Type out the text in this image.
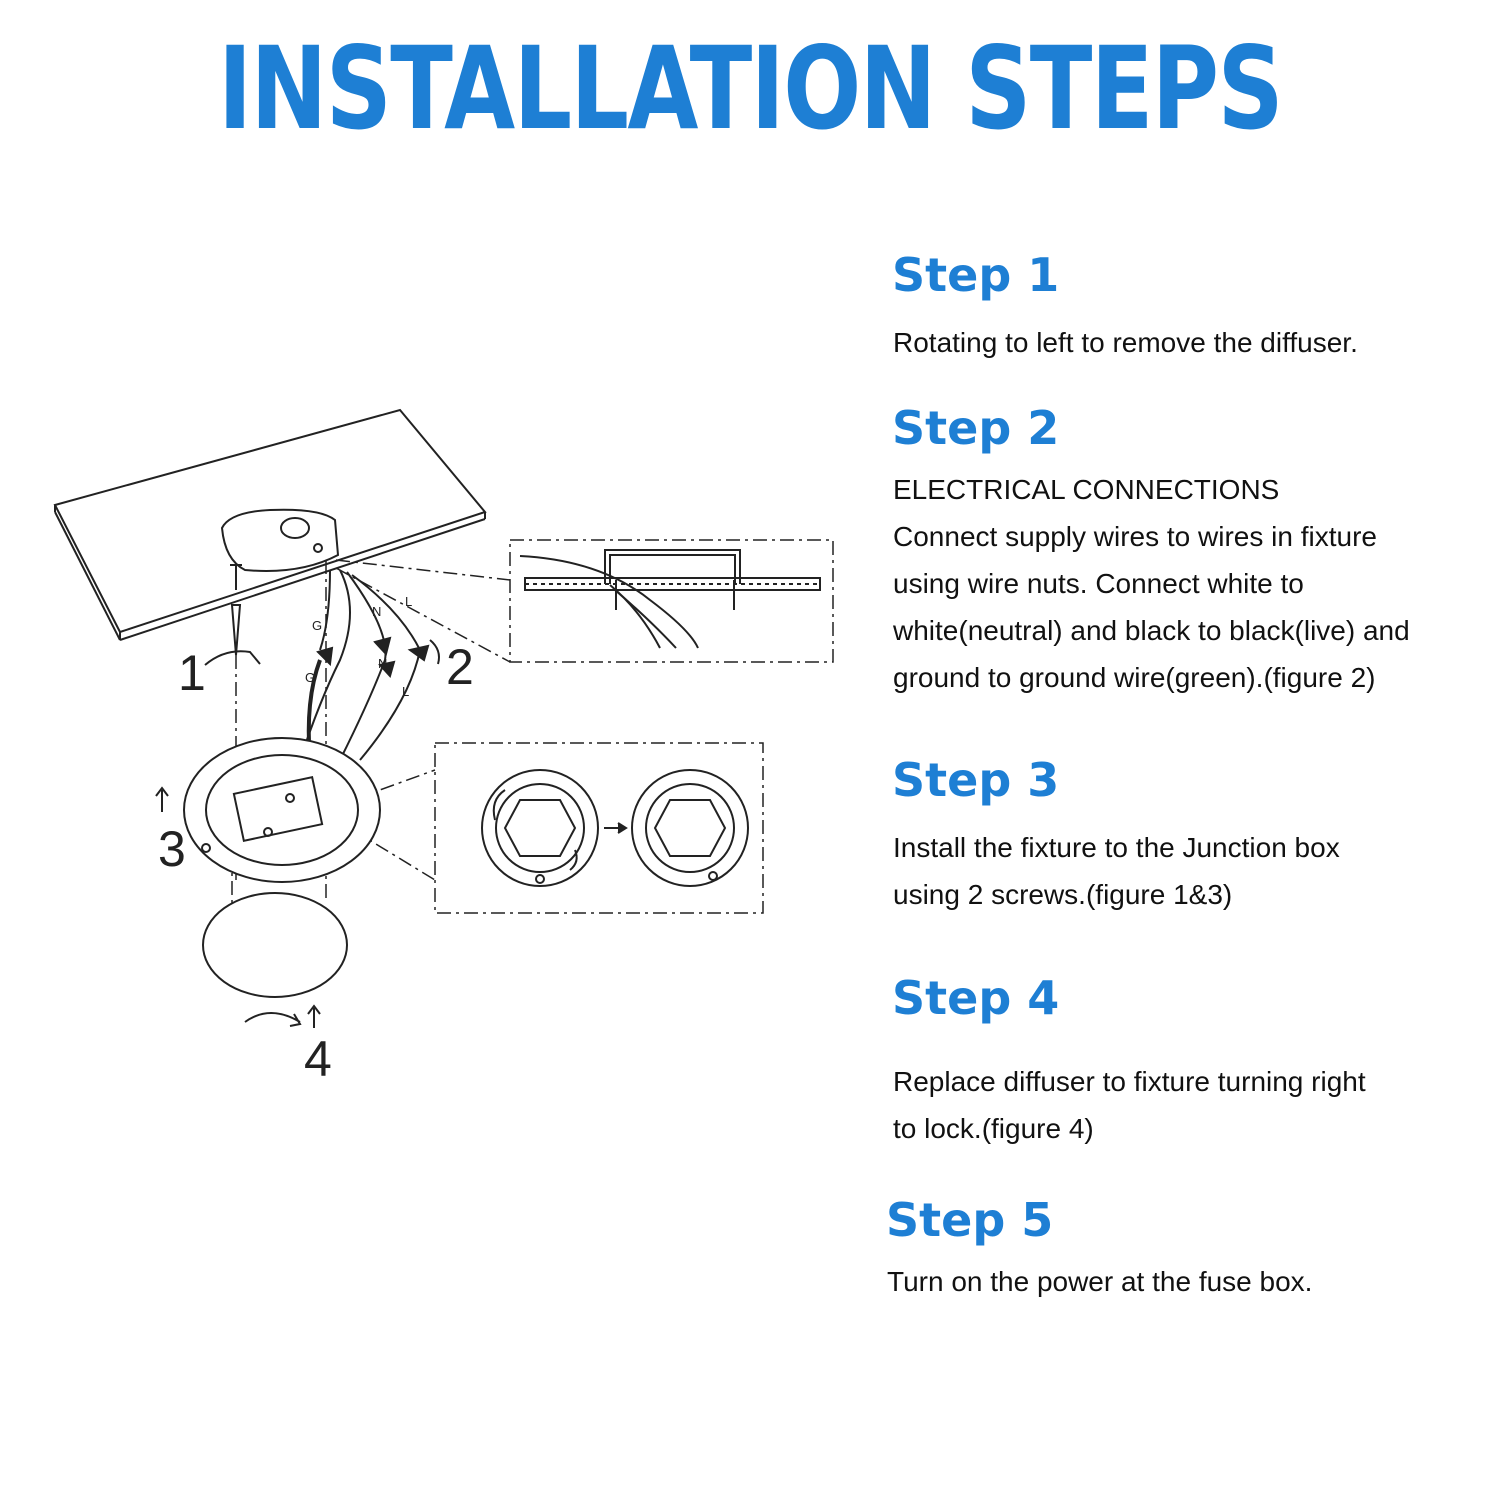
INSTALLATION STEPS
N
L
G
N
G
L
1	2
3
4
Step 1
Rotating to left to remove the diffuser.
Step 2
ELECTRICAL CONNECTIONS
Connect supply wires to wires in fixture
using wire nuts. Connect white to
white(neutral) and black to black(live) and
ground to ground wire(green).(figure 2)
Step 3
Install the fixture to the Junction box
using 2 screws.(figure 1&3)
Step 4
Replace diffuser to fixture turning right
to lock.(figure 4)
Step 5
Turn on the power at the fuse box.
